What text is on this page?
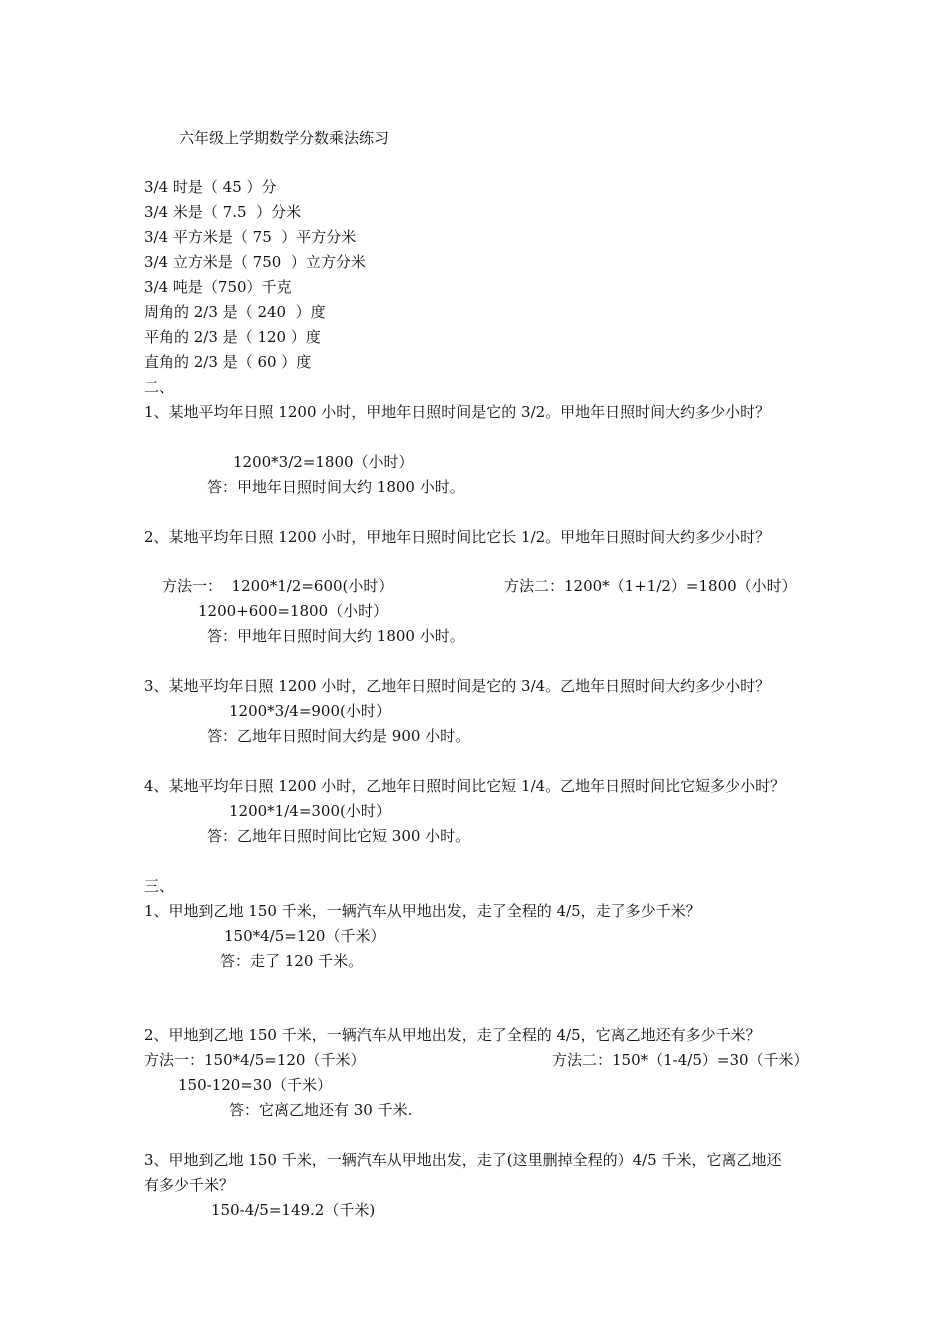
六年级上学期数学分数乘法练习
3/4 时是（ 45 ）分
3/4 米是（ 7.5  ）分米
3/4 平方米是（ 75  ）平方分米
3/4 立方米是（ 750  ）立方分米
3/4 吨是（750）千克
周角的 2/3 是（ 240  ）度
平角的 2/3 是（ 120 ）度
直角的 2/3 是（ 60 ）度
二、
1、某地平均年日照 1200 小时，甲地年日照时间是它的 3/2。甲地年日照时间大约多少小时？
1200*3/2=1800（小时）
答：甲地年日照时间大约 1800 小时。
2、某地平均年日照 1200 小时，甲地年日照时间比它长 1/2。甲地年日照时间大约多少小时？
方法一：  1200*1/2=600(小时）	方法二：1200*（1+1/2）=1800（小时）
1200+600=1800（小时）
答：甲地年日照时间大约 1800 小时。
3、某地平均年日照 1200 小时，乙地年日照时间是它的 3/4。乙地年日照时间大约多少小时？
1200*3/4=900(小时）
答：乙地年日照时间大约是 900 小时。
4、某地平均年日照 1200 小时，乙地年日照时间比它短 1/4。乙地年日照时间比它短多少小时？
1200*1/4=300(小时）
答：乙地年日照时间比它短 300 小时。
三、
1、甲地到乙地 150 千米，一辆汽车从甲地出发，走了全程的 4/5，走了多少千米？
150*4/5=120（千米）
答：走了 120 千米。
2、甲地到乙地 150 千米，一辆汽车从甲地出发，走了全程的 4/5，它离乙地还有多少千米？
方法一：150*4/5=120（千米）	方法二：150*（1-4/5）=30（千米）
150-120=30（千米）
答：它离乙地还有 30 千米.
3、甲地到乙地 150 千米，一辆汽车从甲地出发，走了(这里删掉全程的）4/5 千米，它离乙地还
有多少千米？
150-4/5=149.2（千米)
